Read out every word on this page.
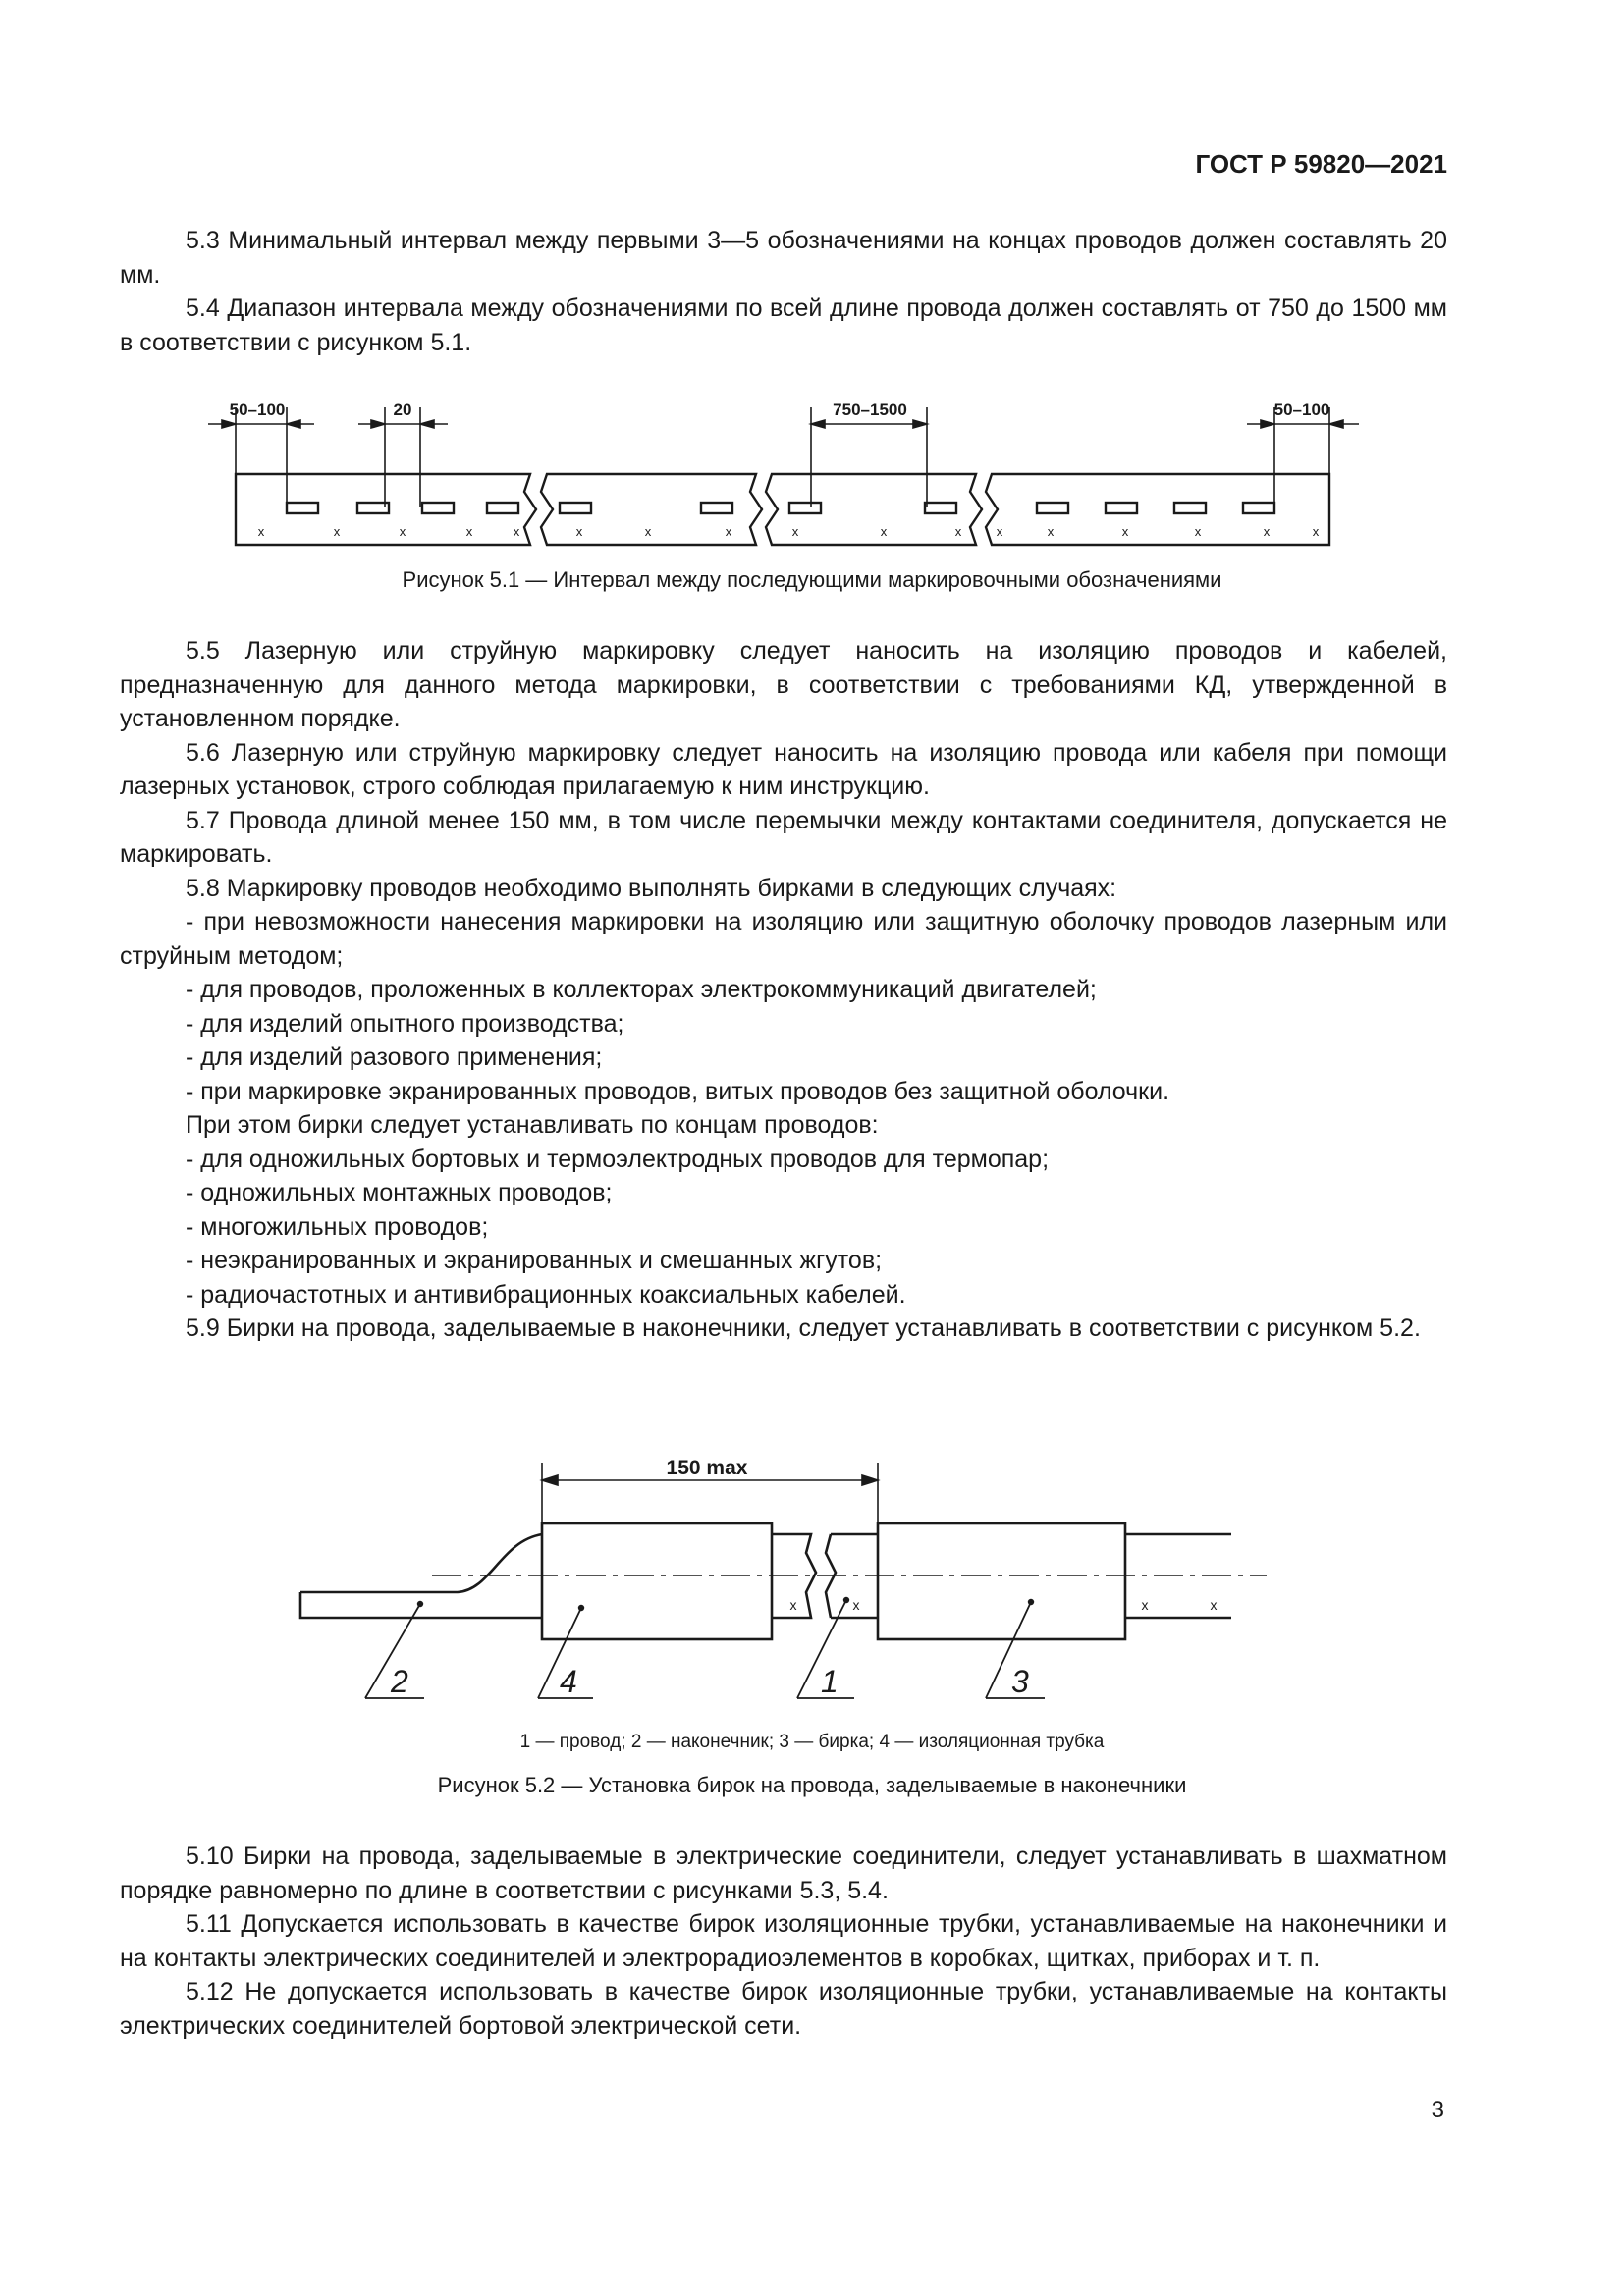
ГОСТ Р 59820—2021

5.3 Минимальный интервал между первыми 3—5 обозначениями на концах проводов должен составлять 20 мм.

5.4 Диапазон интервала между обозначениями по всей длине провода должен составлять от 750 до 1500 мм в соответствии с рисунком 5.1.

x	x	x	x	x	x	x	x	x	x	x	x	x	x	x	x	x
50–100	20	750–1500	50–100
Рисунок 5.1 — Интервал между последующими маркировочными обозначениями

5.5 Лазерную или струйную маркировку следует наносить на изоляцию проводов и кабелей, предназначенную для данного метода маркировки, в соответствии с требованиями КД, утвержденной в установленном порядке.

5.6 Лазерную или струйную маркировку следует наносить на изоляцию провода или кабеля при помощи лазерных установок, строго соблюдая прилагаемую к ним инструкцию.

5.7 Провода длиной менее 150 мм, в том числе перемычки между контактами соединителя, допускается не маркировать.

5.8 Маркировку проводов необходимо выполнять бирками в следующих случаях:

- при невозможности нанесения маркировки на изоляцию или защитную оболочку проводов лазерным или струйным методом;

- для проводов, проложенных в коллекторах электрокоммуникаций двигателей;

- для изделий опытного производства;

- для изделий разового применения;

- при маркировке экранированных проводов, витых проводов без защитной оболочки.

При этом бирки следует устанавливать по концам проводов:

- для одножильных бортовых и термоэлектродных проводов для термопар;

- одножильных монтажных проводов;

- многожильных проводов;

- неэкранированных и экранированных и смешанных жгутов;

- радиочастотных и антивибрационных коаксиальных кабелей.

5.9 Бирки на провода, заделываемые в наконечники, следует устанавливать в соответствии с рисунком 5.2.

150 max
x	x	x	x
2	4	1	3
1 — провод; 2 — наконечник; 3 — бирка; 4 — изоляционная трубка
Рисунок 5.2 — Установка бирок на провода, заделываемые в наконечники

5.10 Бирки на провода, заделываемые в электрические соединители, следует устанавливать в шахматном порядке равномерно по длине в соответствии с рисунками 5.3, 5.4.

5.11 Допускается использовать в качестве бирок изоляционные трубки, устанавливаемые на наконечники и на контакты электрических соединителей и электрорадиоэлементов в коробках, щитках, приборах и т. п.

5.12 Не допускается использовать в качестве бирок изоляционные трубки, устанавливаемые на контакты электрических соединителей бортовой электрической сети.

3
